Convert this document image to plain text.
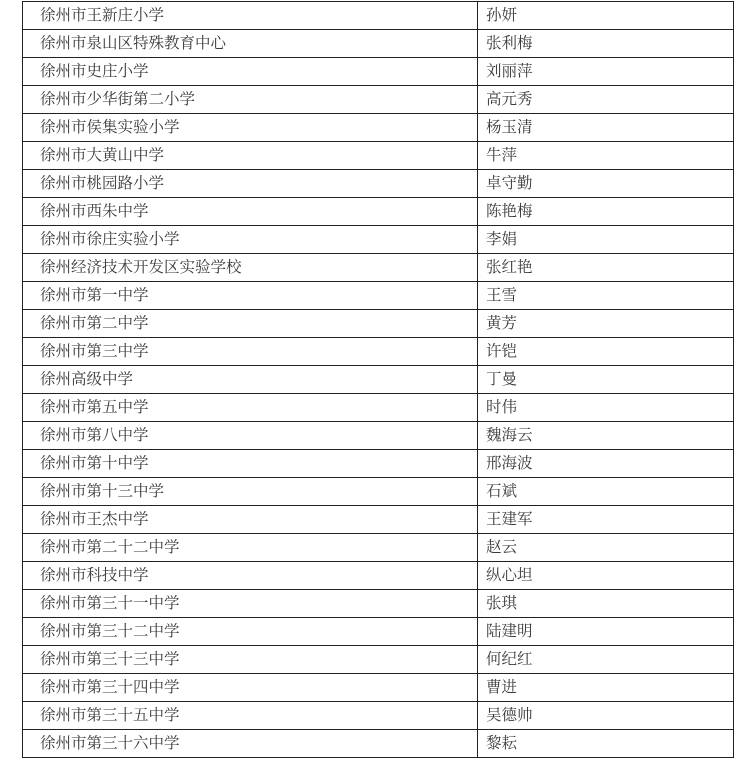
徐州市王新庄小学	孙妍
徐州市泉山区特殊教育中心	张利梅
徐州市史庄小学	刘丽萍
徐州市少华街第二小学	高元秀
徐州市侯集实验小学	杨玉清
徐州市大黄山中学	牛萍
徐州市桃园路小学	卓守勤
徐州市西朱中学	陈艳梅
徐州市徐庄实验小学	李娟
徐州经济技术开发区实验学校	张红艳
徐州市第一中学	王雪
徐州市第二中学	黄芳
徐州市第三中学	许铠
徐州高级中学	丁曼
徐州市第五中学	时伟
徐州市第八中学	魏海云
徐州市第十中学	邢海波
徐州市第十三中学	石斌
徐州市王杰中学	王建军
徐州市第二十二中学	赵云
徐州市科技中学	纵心坦
徐州市第三十一中学	张琪
徐州市第三十二中学	陆建明
徐州市第三十三中学	何纪红
徐州市第三十四中学	曹进
徐州市第三十五中学	吴德帅
徐州市第三十六中学	黎耘
